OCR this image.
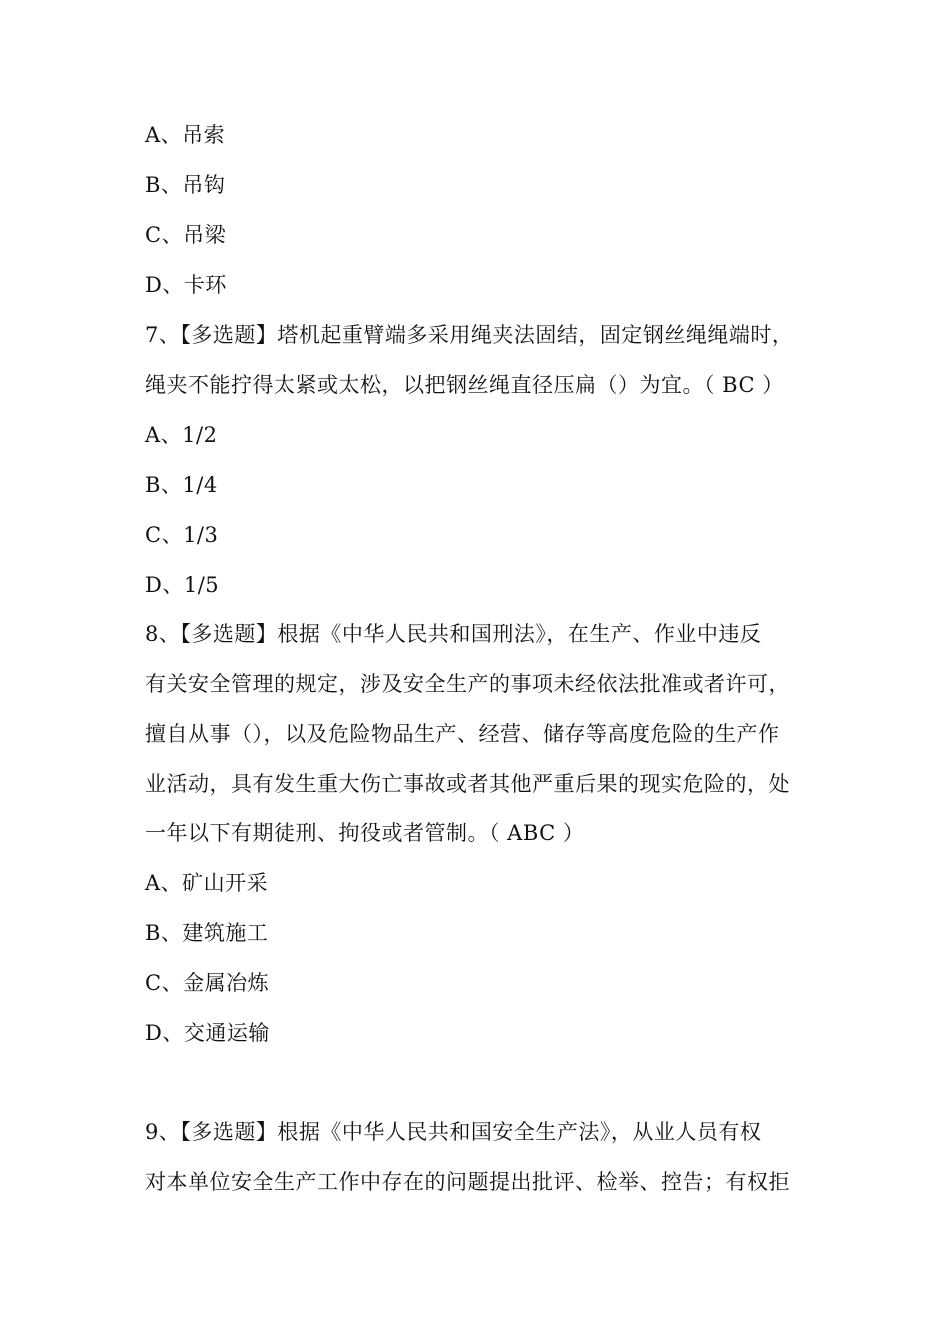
A、吊索
B、吊钩
C、吊梁
D、卡环
7、【多选题】塔机起重臂端多采用绳夹法固结，固定钢丝绳绳端时，
绳夹不能拧得太紧或太松，以把钢丝绳直径压扁（）为宜。（ BC ）
A、1/2
B、1/4
C、1/3
D、1/5
8、【多选题】根据《中华人民共和国刑法》，在生产、作业中违反
有关安全管理的规定，涉及安全生产的事项未经依法批准或者许可，
擅自从事（），以及危险物品生产、经营、储存等高度危险的生产作
业活动，具有发生重大伤亡事故或者其他严重后果的现实危险的，处
一年以下有期徒刑、拘役或者管制。（ ABC ）
A、矿山开采
B、建筑施工
C、金属冶炼
D、交通运输
9、【多选题】根据《中华人民共和国安全生产法》，从业人员有权
对本单位安全生产工作中存在的问题提出批评、检举、控告；有权拒
